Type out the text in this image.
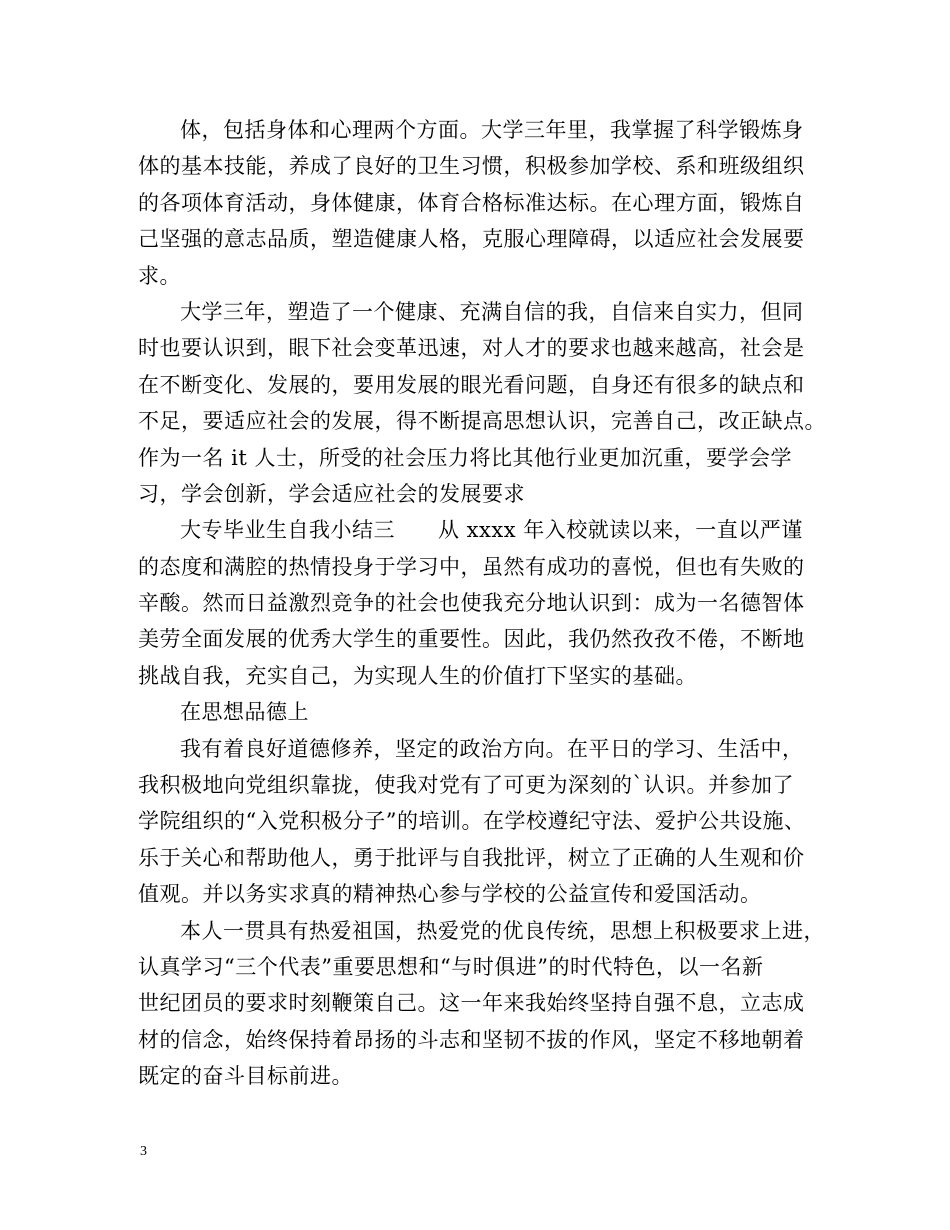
体，包括身体和心理两个方面。大学三年里，我掌握了科学锻炼身
体的基本技能，养成了良好的卫生习惯，积极参加学校、系和班级组织
的各项体育活动，身体健康，体育合格标准达标。在心理方面，锻炼自
己坚强的意志品质，塑造健康人格，克服心理障碍，以适应社会发展要
求。
大学三年，塑造了一个健康、充满自信的我，自信来自实力，但同
时也要认识到，眼下社会变革迅速，对人才的要求也越来越高，社会是
在不断变化、发展的，要用发展的眼光看问题，自身还有很多的缺点和
不足，要适应社会的发展，得不断提高思想认识，完善自己，改正缺点。
作为一名 it 人士，所受的社会压力将比其他行业更加沉重，要学会学
习，学会创新，学会适应社会的发展要求
大专毕业生自我小结三　　从 xxxx 年入校就读以来，一直以严谨
的态度和满腔的热情投身于学习中，虽然有成功的喜悦，但也有失败的
辛酸。然而日益激烈竞争的社会也使我充分地认识到：成为一名德智体
美劳全面发展的优秀大学生的重要性。因此，我仍然孜孜不倦，不断地
挑战自我，充实自己，为实现人生的价值打下坚实的基础。
在思想品德上
我有着良好道德修养，坚定的政治方向。在平日的学习、生活中，
我积极地向党组织靠拢，使我对党有了可更为深刻的`认识。并参加了
学院组织的“入党积极分子”的培训。在学校遵纪守法、爱护公共设施、
乐于关心和帮助他人，勇于批评与自我批评，树立了正确的人生观和价
值观。并以务实求真的精神热心参与学校的公益宣传和爱国活动。
本人一贯具有热爱祖国，热爱党的优良传统，思想上积极要求上进，
认真学习“三个代表”重要思想和“与时俱进”的时代特色，以一名新
世纪团员的要求时刻鞭策自己。这一年来我始终坚持自强不息，立志成
材的信念，始终保持着昂扬的斗志和坚韧不拔的作风，坚定不移地朝着
既定的奋斗目标前进。
3
